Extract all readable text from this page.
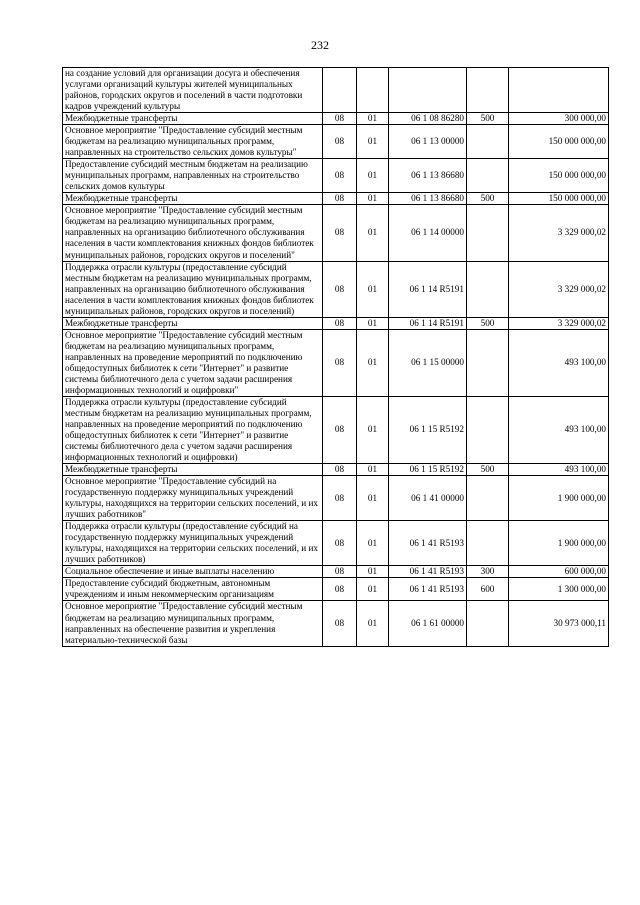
232
на создание условий для организации досуга и обеспечения услугами организаций культуры жителей муниципальных районов, городских округов и поселений в части подготовки кадров учреждений культуры					
Межбюджетные трансферты	08	01	06 1 08 86280	500	300 000,00
Основное мероприятие "Предоставление субсидий местным бюджетам на реализацию муниципальных программ, направленных на строительство сельских домов культуры"	08	01	06 1 13 00000		150 000 000,00
Предоставление субсидий местным бюджетам на реализацию муниципальных программ, направленных на строительство сельских домов культуры	08	01	06 1 13 86680		150 000 000,00
Межбюджетные трансферты	08	01	06 1 13 86680	500	150 000 000,00
Основное мероприятие "Предоставление субсидий местным бюджетам на реализацию муниципальных программ, направленных на организацию библиотечного обслуживания населения в части комплектования книжных фондов библиотек муниципальных районов, городских округов и поселений"	08	01	06 1 14 00000		3 329 000,02
Поддержка отрасли культуры (предоставление субсидий местным бюджетам на реализацию муниципальных программ, направленных на организацию библиотечного обслуживания населения в части комплектования книжных фондов библиотек муниципальных районов, городских округов и поселений)	08	01	06 1 14 R5191		3 329 000,02
Межбюджетные трансферты	08	01	06 1 14 R5191	500	3 329 000,02
Основное мероприятие "Предоставление субсидий местным бюджетам на реализацию муниципальных программ, направленных на проведение мероприятий по подключению общедоступных библиотек к сети "Интернет" и развитие системы библиотечного дела с учетом задачи расширения информационных технологий и оцифровки"	08	01	06 1 15 00000		493 100,00
Поддержка отрасли культуры (предоставление субсидий местным бюджетам на реализацию муниципальных программ, направленных на проведение мероприятий по подключению общедоступных библиотек к сети "Интернет" и развитие системы библиотечного дела с учетом задачи расширения информационных технологий и оцифровки)	08	01	06 1 15 R5192		493 100,00
Межбюджетные трансферты	08	01	06 1 15 R5192	500	493 100,00
Основное мероприятие "Предоставление субсидий на государственную поддержку муниципальных учреждений культуры, находящихся на территории сельских поселений, и их лучших работников"	08	01	06 1 41 00000		1 900 000,00
Поддержка отрасли культуры (предоставление субсидий на государственную поддержку муниципальных учреждений культуры, находящихся на территории сельских поселений, и их лучших работников)	08	01	06 1 41 R5193		1 900 000,00
Социальное обеспечение и иные выплаты населению	08	01	06 1 41 R5193	300	600 000,00
Предоставление субсидий бюджетным, автономным учреждениям и иным некоммерческим организациям	08	01	06 1 41 R5193	600	1 300 000,00
Основное мероприятие "Предоставление субсидий местным бюджетам на реализацию муниципальных программ, направленных на обеспечение развития и укрепления материально-технической базы	08	01	06 1 61 00000		30 973 000,11
